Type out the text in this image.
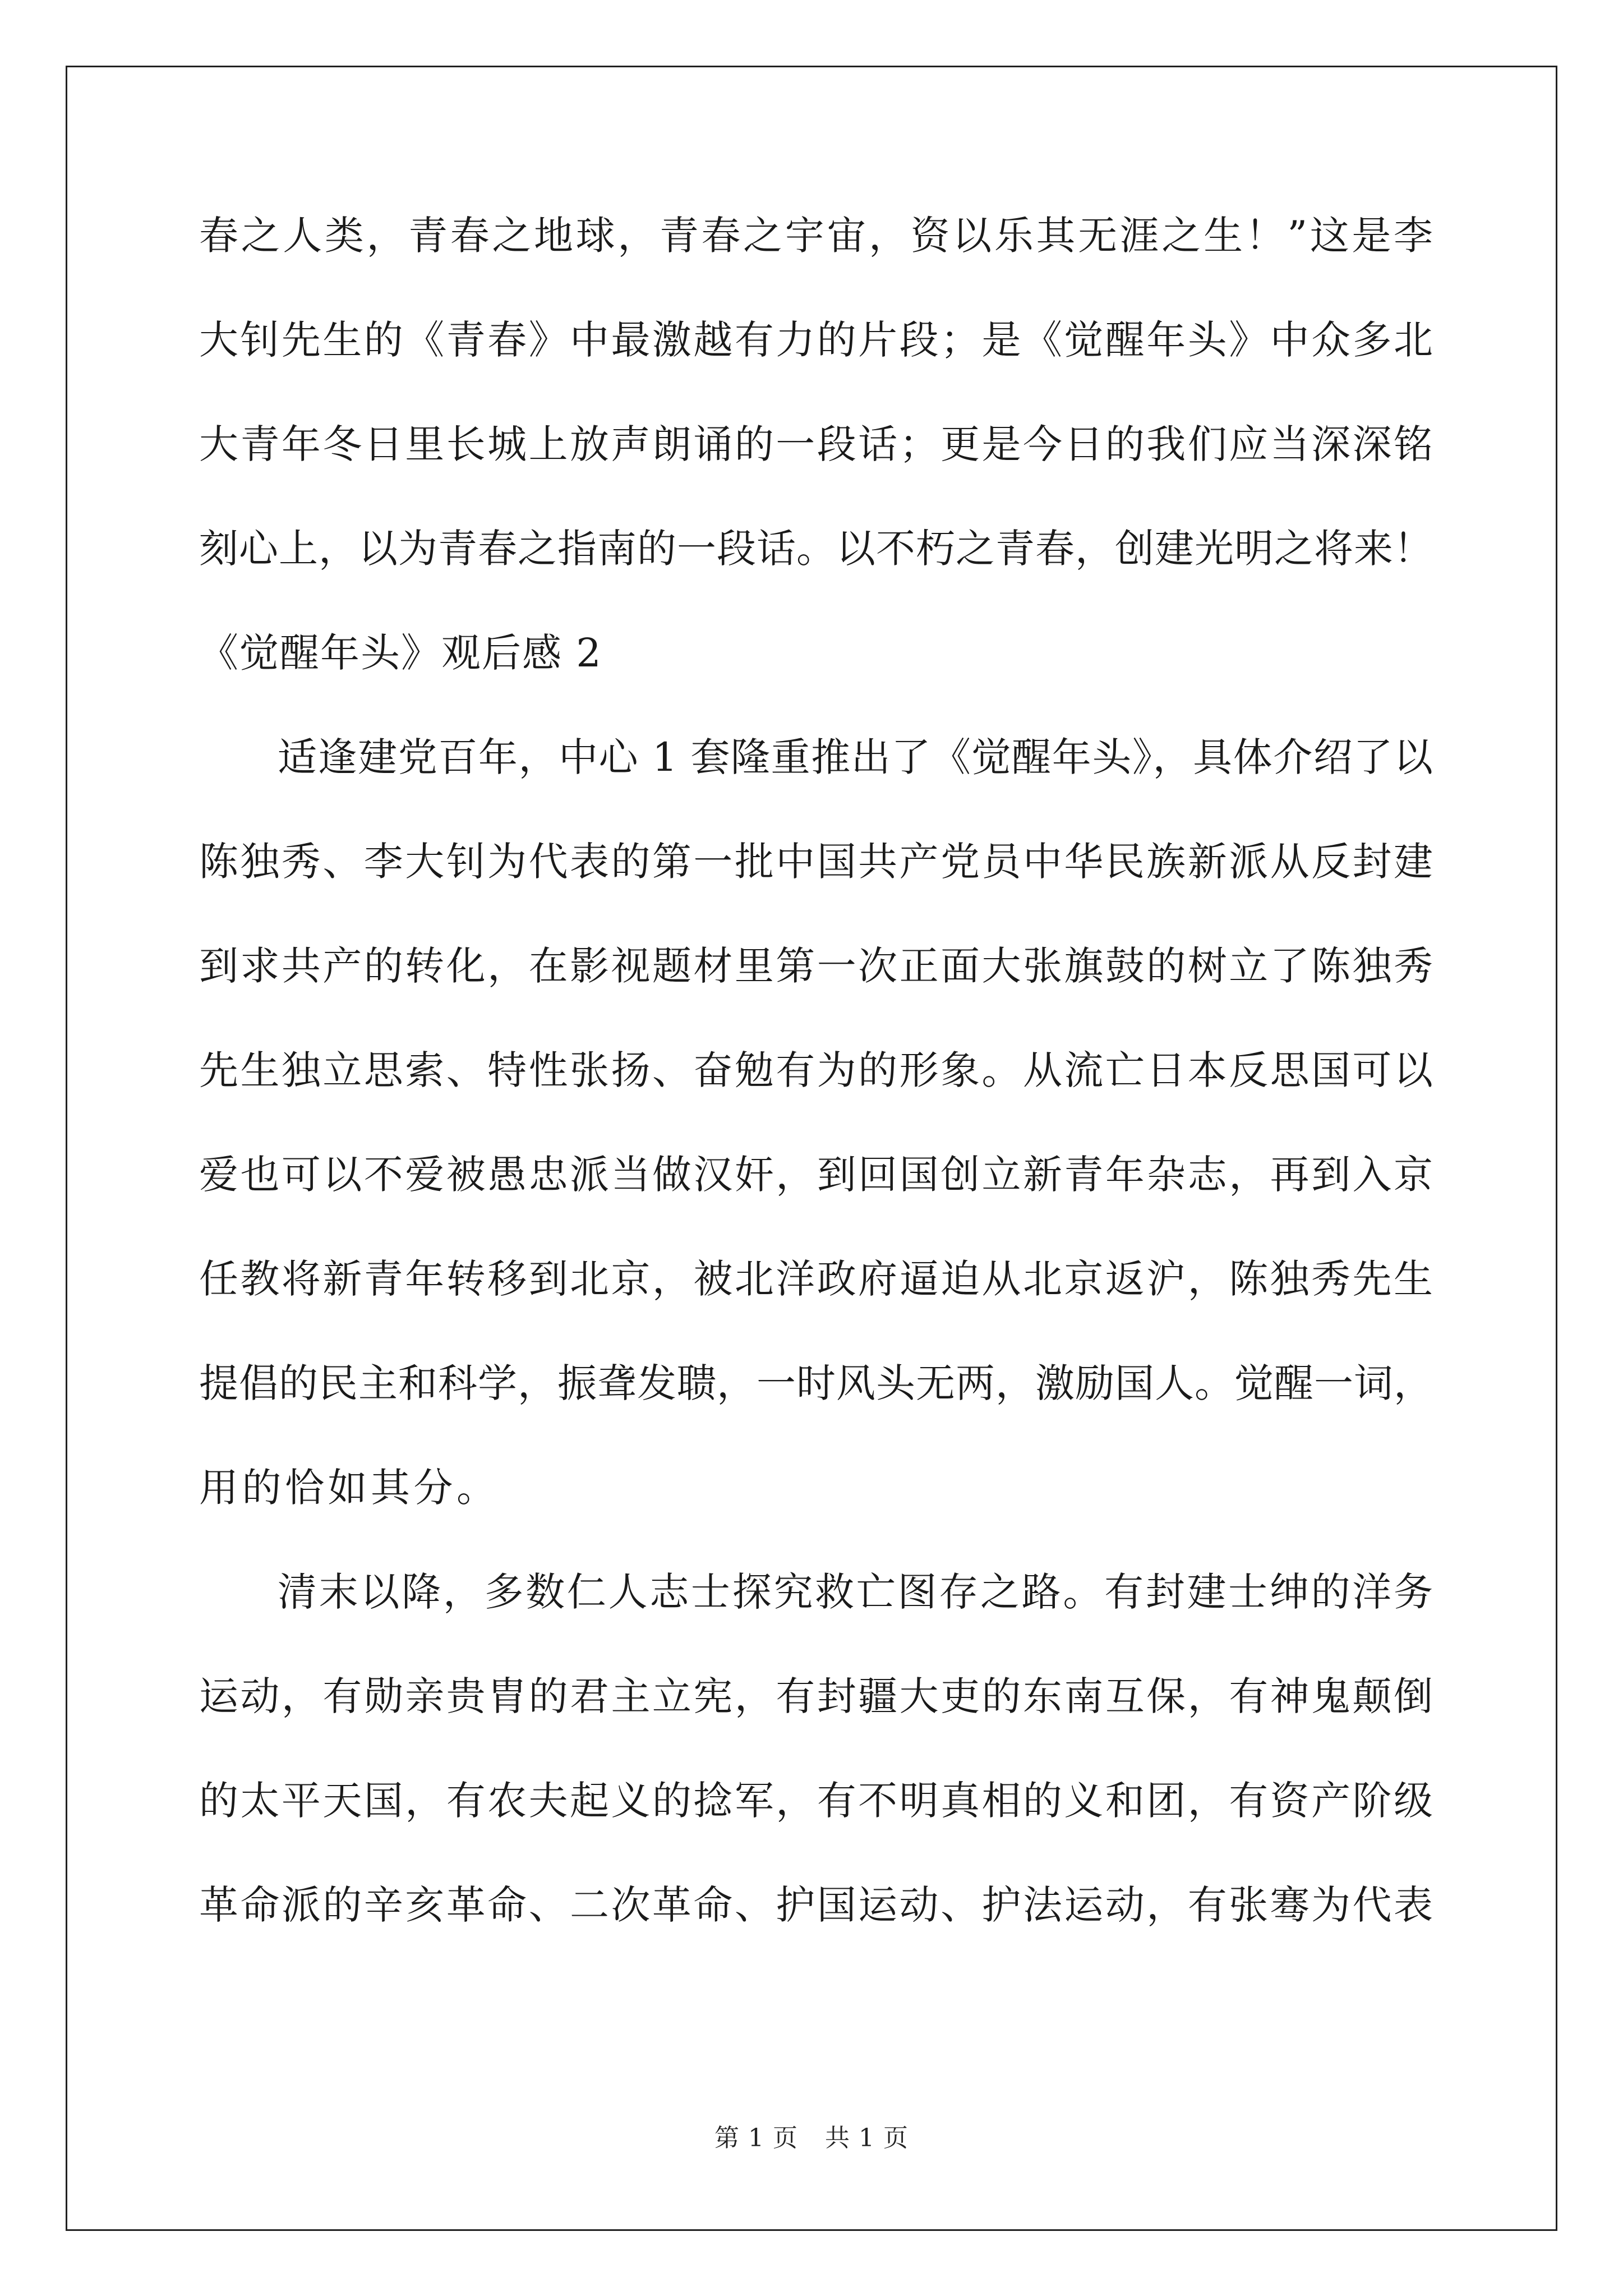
春之人类，青春之地球，青春之宇宙，资以乐其无涯之生！”这是李
大钊先生的《青春》中最激越有力的片段；是《觉醒年头》中众多北
大青年冬日里长城上放声朗诵的一段话；更是今日的我们应当深深铭
刻心上，以为青春之指南的一段话。以不朽之青春，创建光明之将来！
《觉醒年头》观后感 2
适逢建党百年，中心 1 套隆重推出了《觉醒年头》，具体介绍了以
陈独秀、李大钊为代表的第一批中国共产党员中华民族新派从反封建
到求共产的转化，在影视题材里第一次正面大张旗鼓的树立了陈独秀
先生独立思索、特性张扬、奋勉有为的形象。从流亡日本反思国可以
爱也可以不爱被愚忠派当做汉奸，到回国创立新青年杂志，再到入京
任教将新青年转移到北京，被北洋政府逼迫从北京返沪，陈独秀先生
提倡的民主和科学，振聋发聩，一时风头无两，激励国人。觉醒一词，
用的恰如其分。
清末以降，多数仁人志士探究救亡图存之路。有封建士绅的洋务
运动，有勋亲贵胄的君主立宪，有封疆大吏的东南互保，有神鬼颠倒
的太平天国，有农夫起义的捻军，有不明真相的义和团，有资产阶级
革命派的辛亥革命、二次革命、护国运动、护法运动，有张骞为代表
第 1 页 共 1 页
